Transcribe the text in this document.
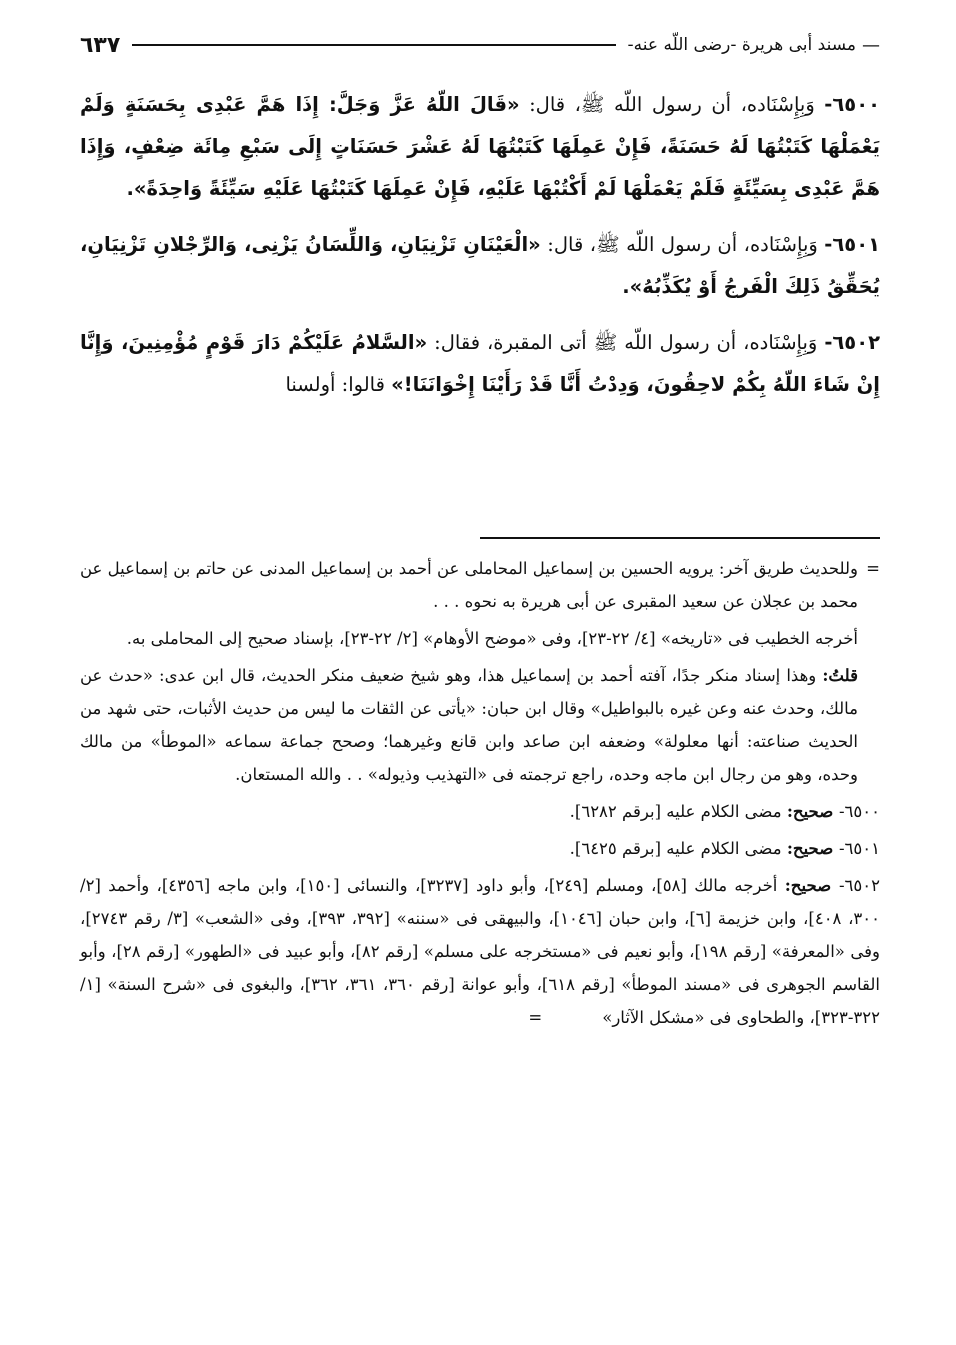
—
مسند أبى هريرة -رضى اللّه عنه-
٦٣٧

٦٥٠٠- وَبِإِسْنَاده، أن رسول اللّه ﷺ، قال: «قَالَ اللّهُ عَزَّ وَجَلَّ: إِذَا هَمَّ عَبْدِى بِحَسَنَةٍ وَلَمْ يَعْمَلْهَا كَتَبْتُهَا لَهُ حَسَنَةً، فَإِنْ عَمِلَهَا كَتَبْتُهَا لَهُ عَشْرَ حَسَنَاتٍ إِلَى سَبْعِ مِائَة ضِعْفٍ، وَإِذَا هَمَّ عَبْدِى بِسَيِّئَةٍ فَلَمْ يَعْمَلْهَا لَمْ أَكْتُبْهَا عَلَيْهِ، فَإِنْ عَمِلَهَا كَتَبْتُهَا عَلَيْهِ سَيِّئَةً وَاحِدَةً».

٦٥٠١- وَبِإِسْنَاده، أن رسول اللّه ﷺ، قال: «الْعَيْنَانِ تَزْنِيَانِ، وَاللِّسَانُ يَزْنِى، وَالرِّجْلانِ تَزْنِيَانِ، يُحَقِّقُ ذَلِكَ الْفَرجُ أَوْ يُكَذِّبُهُ».

٦٥٠٢- وَبِإِسْنَاده، أن رسول اللّه ﷺ أتى المقبرة، فقال: «السَّلامُ عَلَيْكُمْ دَارَ قَوْمٍ مُؤْمِنِينَ، وَإِنَّا إِنْ شَاءَ اللّهُ بِكُمْ لاحِقُونَ، وَدِدْتُ أَنَّا قَدْ رَأَيْنَا إِخْوَانَنَا!» قالوا: أولسنا

=وللحديث طريق آخر: يرويه الحسين بن إسماعيل المحاملى عن أحمد بن إسماعيل المدنى عن حاتم بن إسماعيل عن محمد بن عجلان عن سعيد المقبرى عن أبى هريرة به نحوه . . .

أخرجه الخطيب فى «تاريخه» [٤/ ٢٢-٢٣]، وفى «موضح الأوهام» [٢/ ٢٢-٢٣]، بإسناد صحيح إلى المحاملى به.

قلتُ: وهذا إسناد منكر جدًا، آفته أحمد بن إسماعيل هذا، وهو شيخ ضعيف منكر الحديث، قال ابن عدى: «حدث عن مالك، وحدث عنه وعن غيره بالبواطيل» وقال ابن حبان: «يأتى عن الثقات ما ليس من حديث الأثبات، حتى شهد من الحديث صناعته: أنها معلولة» وضعفه ابن صاعد وابن قانع وغيرهما؛ وصحح جماعة سماعه «الموطأ» من مالك وحده، وهو من رجال ابن ماجه وحده، راجع ترجمته فى «التهذيب وذيوله» . . والله المستعان.

٦٥٠٠- صحيح: مضى الكلام عليه [برقم ٦٢٨٢].

٦٥٠١- صحيح: مضى الكلام عليه [برقم ٦٤٢٥].

٦٥٠٢- صحيح: أخرجه مالك [٥٨]، ومسلم [٢٤٩]، وأبو داود [٣٢٣٧]، والنسائى [١٥٠]، وابن ماجه [٤٣٥٦]، وأحمد [٢/ ٣٠٠، ٤٠٨]، وابن خزيمة [٦]، وابن حبان [١٠٤٦]، والبيهقى فى «سننه» [٣٩٢، ٣٩٣]، وفى «الشعب» [٣/ رقم ٢٧٤٣]، وفى «المعرفة» [رقم ١٩٨]، وأبو نعيم فى «مستخرجه على مسلم» [رقم ٨٢]، وأبو عبيد فى «الطهور» [رقم ٢٨]، وأبو القاسم الجوهرى فى «مسند الموطأ» [رقم ٦١٨]، وأبو عوانة [رقم ٣٦٠، ٣٦١، ٣٦٢]، والبغوى فى «شرح السنة» [١/ ٣٢٢-٣٢٣]، والطحاوى فى «مشكل الآثار»=
